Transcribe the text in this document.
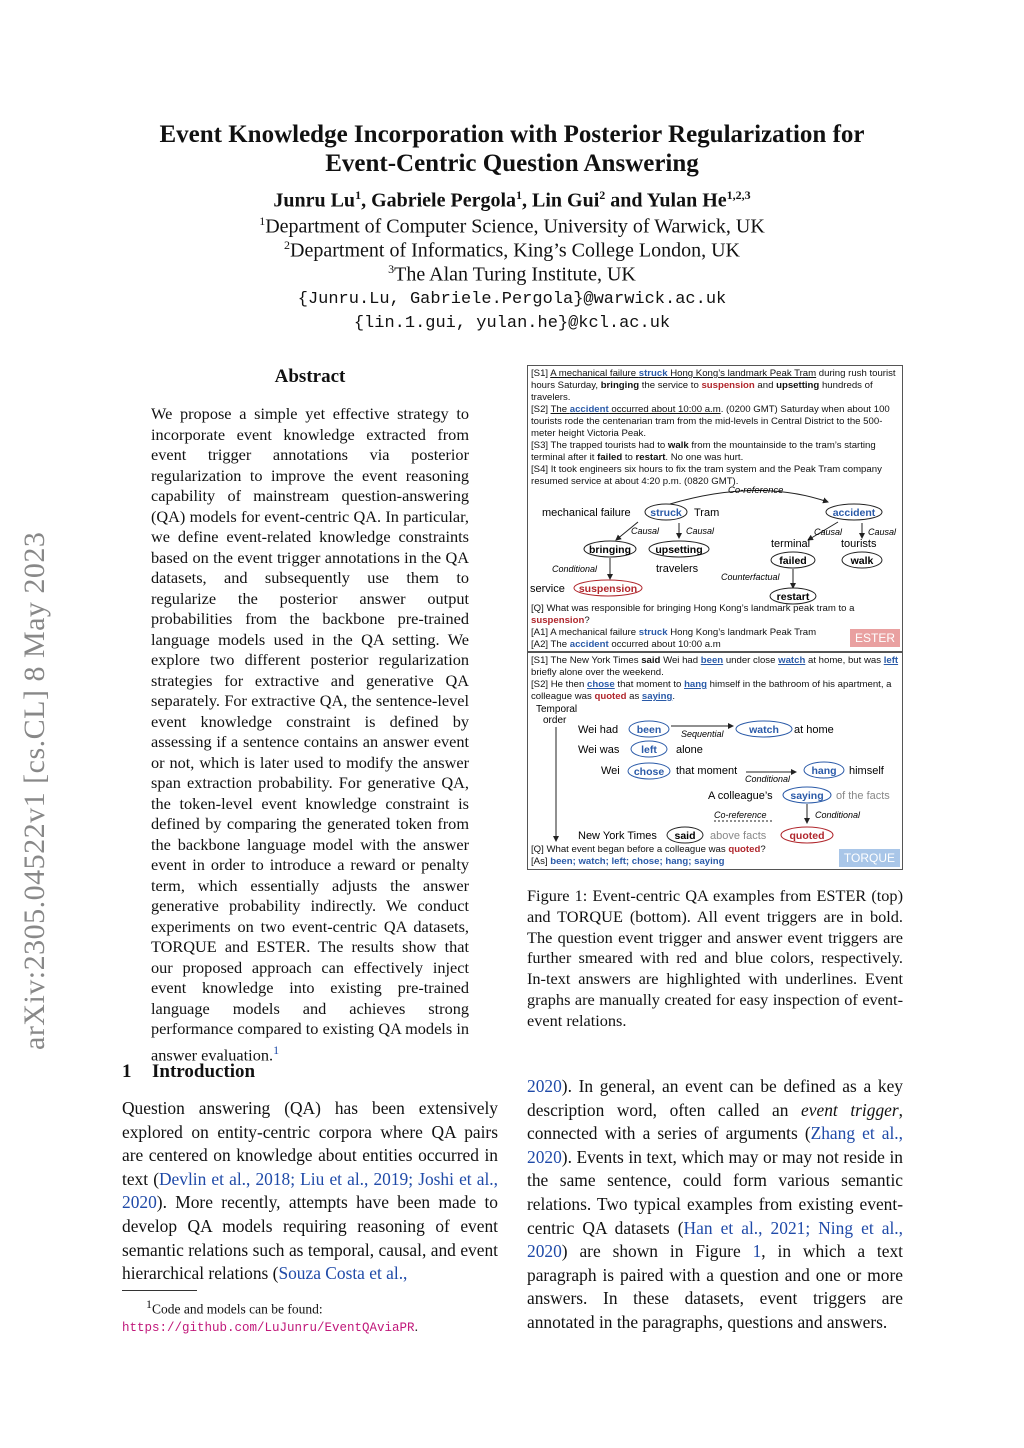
arXiv:2305.04522v1 [cs.CL] 8 May 2023
Event Knowledge Incorporation with Posterior Regularization for
Event-Centric Question Answering
Junru Lu$^1$, Gabriele Pergola$^1$, Lin Gui$^2$ and Yulan He$^{1,2,3}$
$^1$Department of Computer Science, University of Warwick, UK
$^2$Department of Informatics, King’s College London, UK
$^3$The Alan Turing Institute, UK
{Junru.Lu, Gabriele.Pergola}@warwick.ac.uk
{lin.1.gui, yulan.he}@kcl.ac.uk
Abstract
We propose a simple yet effective strategy to incorporate event knowledge extracted from event trigger annotations via posterior regularization to improve the event reasoning capability of mainstream question-answering (QA) models for event-centric QA. In particular, we define event-related knowledge constraints based on the event trigger annotations in the QA datasets, and subsequently use them to regularize the posterior answer output probabilities from the backbone pre-trained language models used in the QA setting. We explore two different posterior regularization strategies for extractive and generative QA separately. For extractive QA, the sentence-level event knowledge constraint is defined by assessing if a sentence contains an answer event or not, which is later used to modify the answer span extraction probability. For generative QA, the token-level event knowledge constraint is defined by comparing the generated token from the backbone language model with the answer event in order to introduce a reward or penalty term, which essentially adjusts the answer generative probability indirectly. We conduct experiments on two event-centric QA datasets, TORQUE and ESTER. The results show that our proposed approach can effectively inject event knowledge into existing pre-trained language models and achieves strong performance compared to existing QA models in answer evaluation.$^1$
1 Introduction
Question answering (QA) has been extensively explored on entity-centric corpora where QA pairs are centered on knowledge about entities occurred in text (Devlin et al., 2018; Liu et al., 2019; Joshi et al., 2020). More recently, attempts have been made to develop QA models requiring reasoning of event semantic relations such as temporal, causal, and event hierarchical relations (Souza Costa et al.,
$^1$Code and models can be found: https://github.com/LuJunru/EventQAviaPR.
2020). In general, an event can be defined as a key description word, often called an event trigger, connected with a series of arguments (Zhang et al., 2020). Events in text, which may or may not reside in the same sentence, could form various semantic relations. Two typical examples from existing event-centric QA datasets (Han et al., 2021; Ning et al., 2020) are shown in Figure 1, in which a text paragraph is paired with a question and one or more answers. In these datasets, event triggers are annotated in the paragraphs, questions and answers.
Figure 1: Event-centric QA examples from ESTER (top) and TORQUE (bottom). All event triggers are in bold. The question event trigger and answer event triggers are further smeared with red and blue colors, respectively. In-text answers are highlighted with underlines. Event graphs are manually created for easy inspection of event-event relations.
[S1] A mechanical failure struck Hong Kong’s landmark Peak Tram during rush tourist hours Saturday, bringing the service to suspension and upsetting hundreds of travelers.
[S2] The accident occurred about 10:00 a.m. (0200 GMT) Saturday when about 100 tourists rode the centenarian tram from the mid-levels in Central District to the 500-meter height Victoria Peak.
[S3] The trapped tourists had to walk from the mountainside to the tram’s starting terminal after it failed to restart. No one was hurt.
[S4] It took engineers six hours to fix the tram system and the Peak Tram company resumed service at about 4:20 p.m. (0820 GMT).
Co-reference
mechanical failure struck Tram	accident
Causal	Causal
bringing upsetting
travelers
Causal	Causal
terminal	tourists
failed	walk
Conditional
Counterfactual
service suspension
restart
[Q] What was responsible for bringing Hong Kong’s landmark peak tram to a suspension?
[A1] A mechanical failure struck Hong Kong’s landmark Peak Tram
[A2] The accident occurred about 10:00 a.m	ESTER
[S1] The New York Times said Wei had been under close watch at home, but was left briefly alone over the weekend.
[S2] He then chose that moment to hang himself in the bathroom of his apartment, a colleague was quoted as saying.
Temporal
order
Wei had been Sequential watch at home
Wei was left alone
Wei chose that moment
Conditional
hang himself
A colleague’s saying of the facts
Co-reference	Conditional
New York Times said above facts quoted
[Q] What event began before a colleague was quoted?
[As] been; watch; left; chose; hang; saying	TORQUE
